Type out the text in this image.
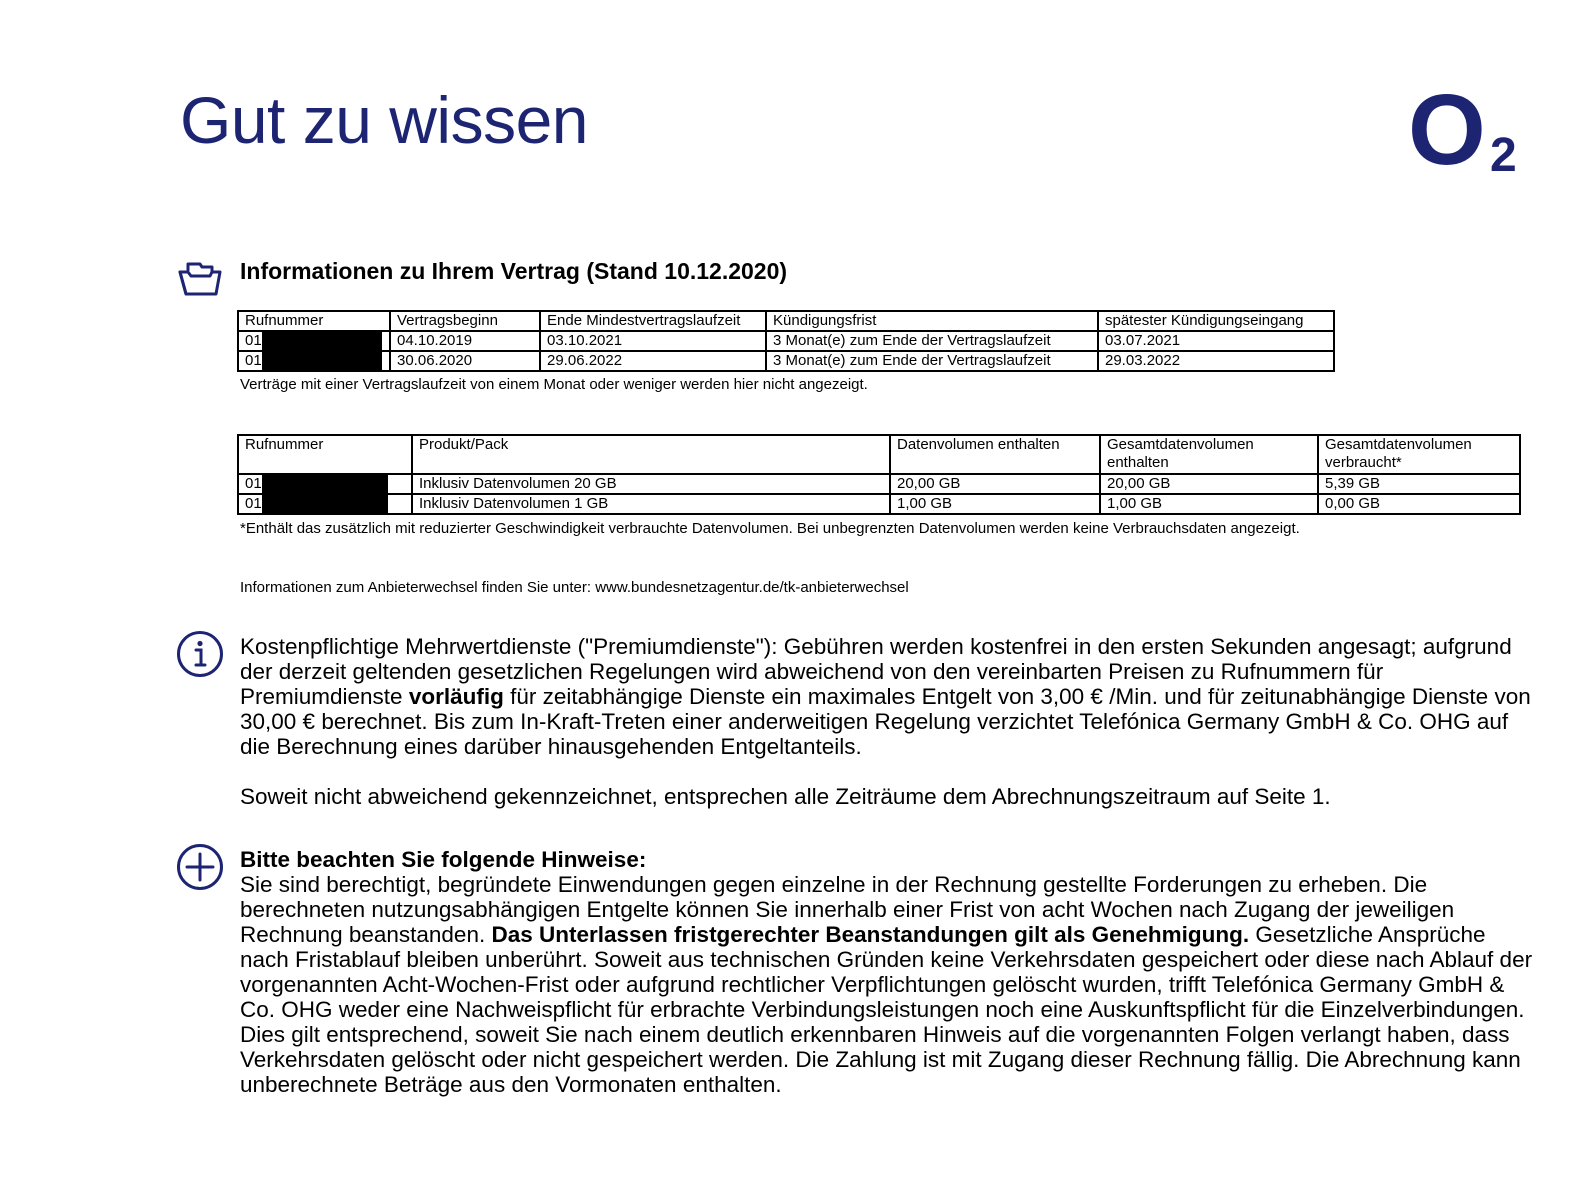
Gut zu wissen	O 2
Informationen zu Ihrem Vertrag (Stand 10.12.2020)
Rufnummer	Vertragsbeginn	Ende Mindestvertragslaufzeit	Kündigungsfrist	spätester Kündigungseingang
01	04.10.2019	03.10.2021	3 Monat(e) zum Ende der Vertragslaufzeit	03.07.2021
01	30.06.2020	29.06.2022	3 Monat(e) zum Ende der Vertragslaufzeit	29.03.2022

Verträge mit einer Vertragslaufzeit von einem Monat oder weniger werden hier nicht angezeigt.

Rufnummer	Produkt/Pack	Datenvolumen enthalten	Gesamtdatenvolumen enthalten	Gesamtdatenvolumen verbraucht*
01	Inklusiv Datenvolumen 20 GB	20,00 GB	20,00 GB	5,39 GB
01	Inklusiv Datenvolumen 1 GB	1,00 GB	1,00 GB	0,00 GB

*Enthält das zusätzlich mit reduzierter Geschwindigkeit verbrauchte Datenvolumen. Bei unbegrenzten Datenvolumen werden keine Verbrauchsdaten angezeigt.

Informationen zum Anbieterwechsel finden Sie unter: www.bundesnetzagentur.de/tk-anbieterwechsel

Kostenpflichtige Mehrwertdienste ("Premiumdienste"): Gebühren werden kostenfrei in den ersten Sekunden angesagt; aufgrund der derzeit geltenden gesetzlichen Regelungen wird abweichend von den vereinbarten Preisen zu Rufnummern für Premiumdienste vorläufig für zeitabhängige Dienste ein maximales Entgelt von 3,00 € /Min. und für zeitunabhängige Dienste von 30,00 € berechnet. Bis zum In-Kraft-Treten einer anderweitigen Regelung verzichtet Telefónica Germany GmbH & Co. OHG auf die Berechnung eines darüber hinausgehenden Entgeltanteils.

Soweit nicht abweichend gekennzeichnet, entsprechen alle Zeiträume dem Abrechnungszeitraum auf Seite 1.

Bitte beachten Sie folgende Hinweise:

Sie sind berechtigt, begründete Einwendungen gegen einzelne in der Rechnung gestellte Forderungen zu erheben. Die berechneten nutzungsabhängigen Entgelte können Sie innerhalb einer Frist von acht Wochen nach Zugang der jeweiligen Rechnung beanstanden. Das Unterlassen fristgerechter Beanstandungen gilt als Genehmigung. Gesetzliche Ansprüche nach Fristablauf bleiben unberührt. Soweit aus technischen Gründen keine Verkehrsdaten gespeichert oder diese nach Ablauf der vorgenannten Acht-Wochen-Frist oder aufgrund rechtlicher Verpflichtungen gelöscht wurden, trifft Telefónica Germany GmbH & Co. OHG weder eine Nachweispflicht für erbrachte Verbindungsleistungen noch eine Auskunftspflicht für die Einzelverbindungen. Dies gilt entsprechend, soweit Sie nach einem deutlich erkennbaren Hinweis auf die vorgenannten Folgen verlangt haben, dass Verkehrsdaten gelöscht oder nicht gespeichert werden. Die Zahlung ist mit Zugang dieser Rechnung fällig. Die Abrechnung kann unberechnete Beträge aus den Vormonaten enthalten.
